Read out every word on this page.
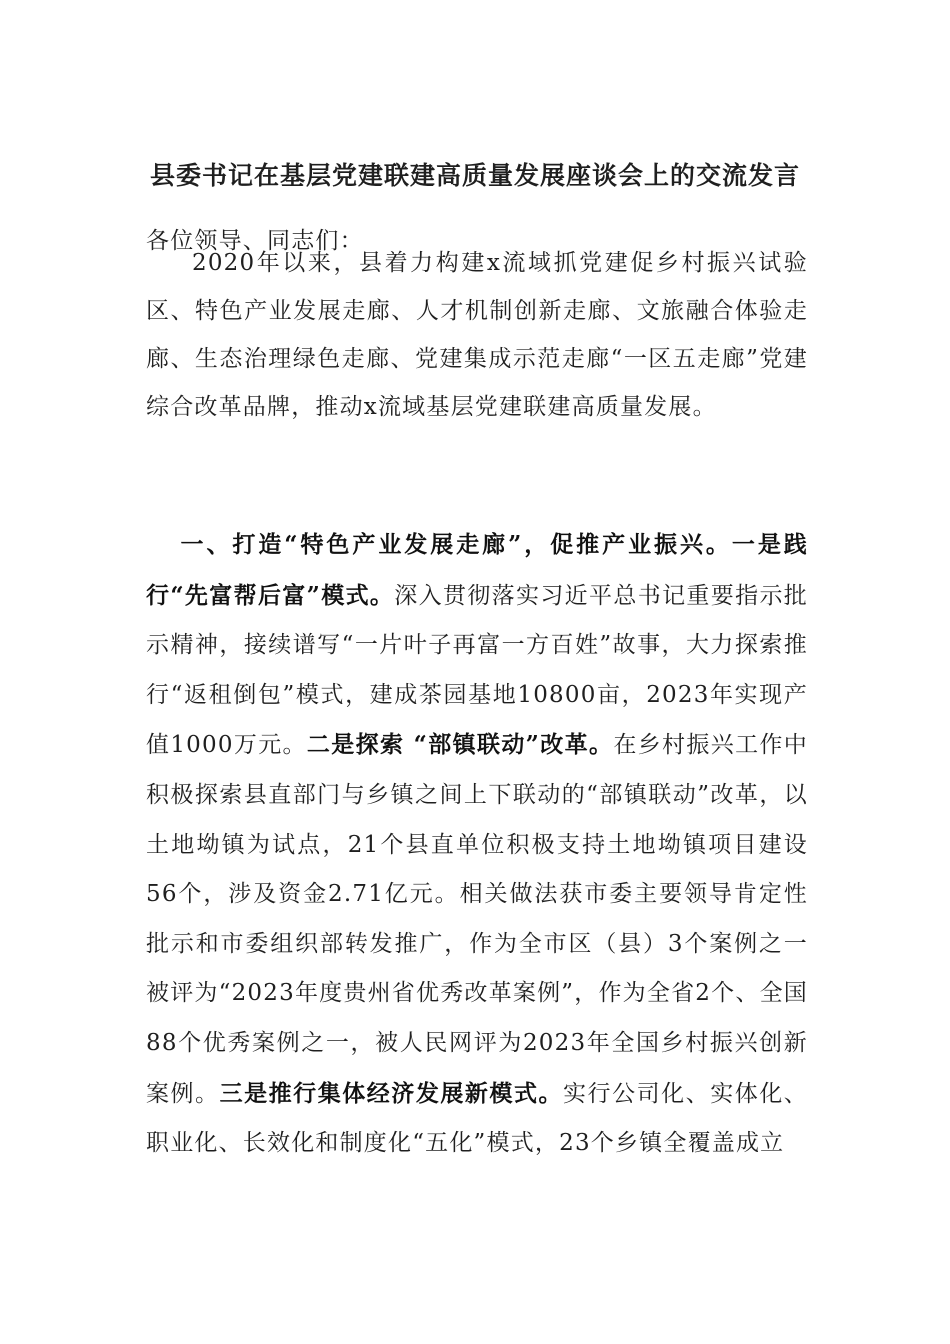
县委书记在基层党建联建高质量发展座谈会上的交流发言

各位领导、同志们：

2020年以来，县着力构建x流域抓党建促乡村振兴试验区、特色产业发展走廊、人才机制创新走廊、文旅融合体验走廊、生态治理绿色走廊、党建集成示范走廊“一区五走廊”党建综合改革品牌，推动x流域基层党建联建高质量发展。

一、打造“特色产业发展走廊”，促推产业振兴。一是践行“先富帮后富”模式。深入贯彻落实习近平总书记重要指示批示精神，接续谱写“一片叶子再富一方百姓”故事，大力探索推行“返租倒包”模式，建成茶园基地10800亩，2023年实现产值1000万元。二是探索 “部镇联动”改革。在乡村振兴工作中积极探索县直部门与乡镇之间上下联动的“部镇联动”改革，以土地坳镇为试点，21个县直单位积极支持土地坳镇项目建设56个，涉及资金2.71亿元。相关做法获市委主要领导肯定性批示和市委组织部转发推广，作为全市区（县）3个案例之一被评为“2023年度贵州省优秀改革案例”，作为全省2个、全国88个优秀案例之一，被人民网评为2023年全国乡村振兴创新案例。三是推行集体经济发展新模式。实行公司化、实体化、职业化、长效化和制度化“五化”模式，23个乡镇全覆盖成立
